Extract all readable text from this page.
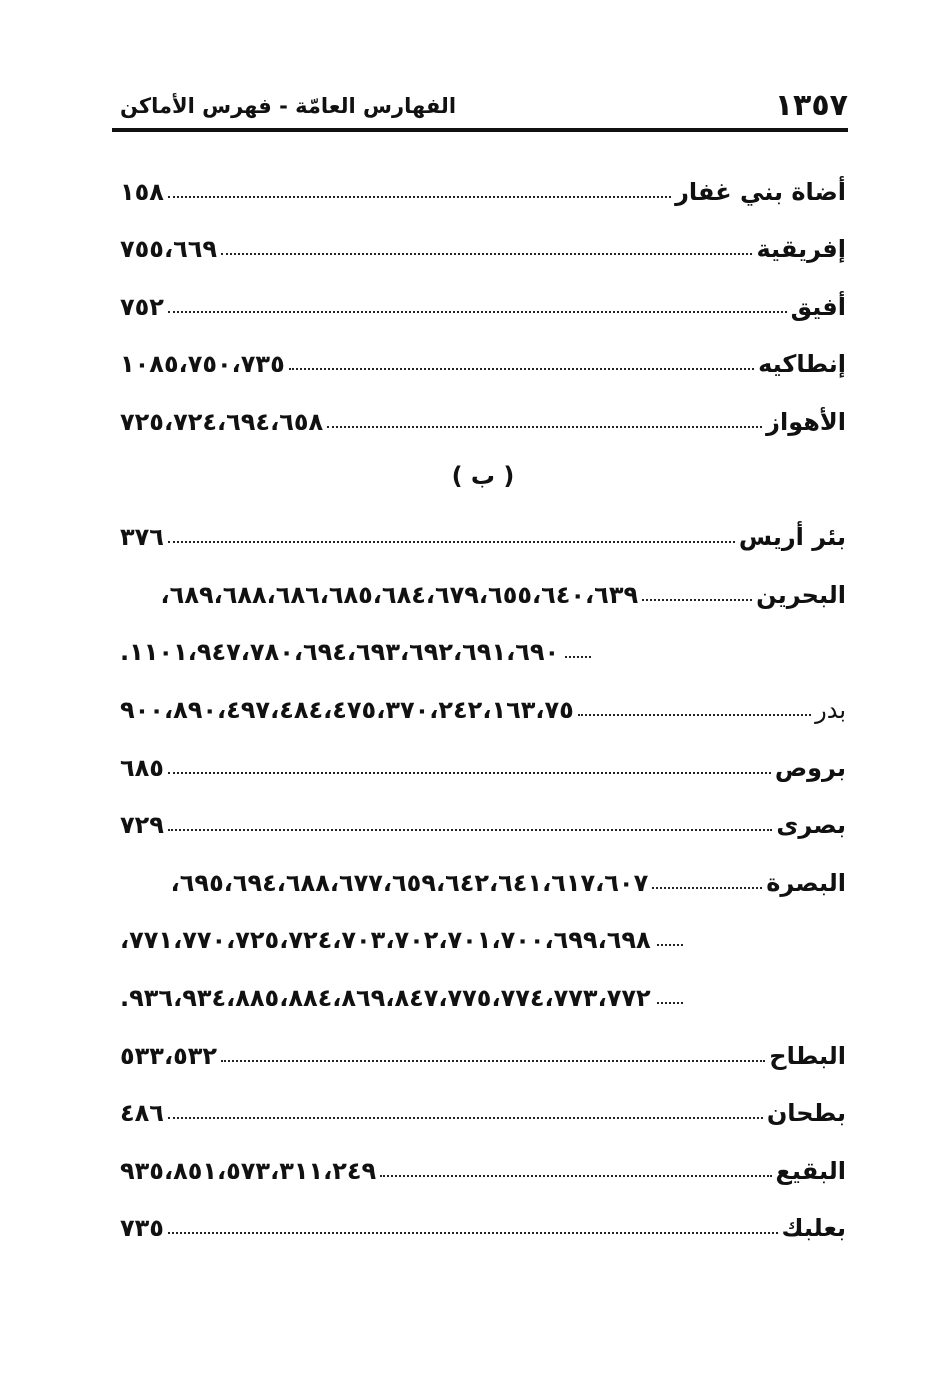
١٣٥٧
الفهارس العامّة - فهرس الأماكن
أضاة بني غفار
١٥٨
إفريقية
٧٥٥،٦٦٩
أفيق
٧٥٢
إنطاكيه
١٠٨٥،٧٥٠،٧٣٥
الأهواز
٧٢٥،٧٢٤،٦٩٤،٦٥٨
( ب )
بئر أريس
٣٧٦
البحرين
٦٨٩،٦٨٨،٦٨٦،٦٨٥،٦٨٤،٦٧٩،٦٥٥،٦٤٠،٦٣٩،
١١٠١،٩٤٧،٧٨٠،٦٩٤،٦٩٣،٦٩٢،٦٩١،٦٩٠.
بدر
٩٠٠،٨٩٠،٤٩٧،٤٨٤،٤٧٥،٣٧٠،٢٤٢،١٦٣،٧٥
بروص
٦٨٥
بصرى
٧٢٩
البصرة
٦٩٥،٦٩٤،٦٨٨،٦٧٧،٦٥٩،٦٤٢،٦٤١،٦١٧،٦٠٧،
٧٧١،٧٧٠،٧٢٥،٧٢٤،٧٠٣،٧٠٢،٧٠١،٧٠٠،٦٩٩،٦٩٨،
٩٣٦،٩٣٤،٨٨٥،٨٨٤،٨٦٩،٨٤٧،٧٧٥،٧٧٤،٧٧٣،٧٧٢.
البطاح
٥٣٣،٥٣٢
بطحان
٤٨٦
البقيع
٩٣٥،٨٥١،٥٧٣،٣١١،٢٤٩
بعلبك
٧٣٥
